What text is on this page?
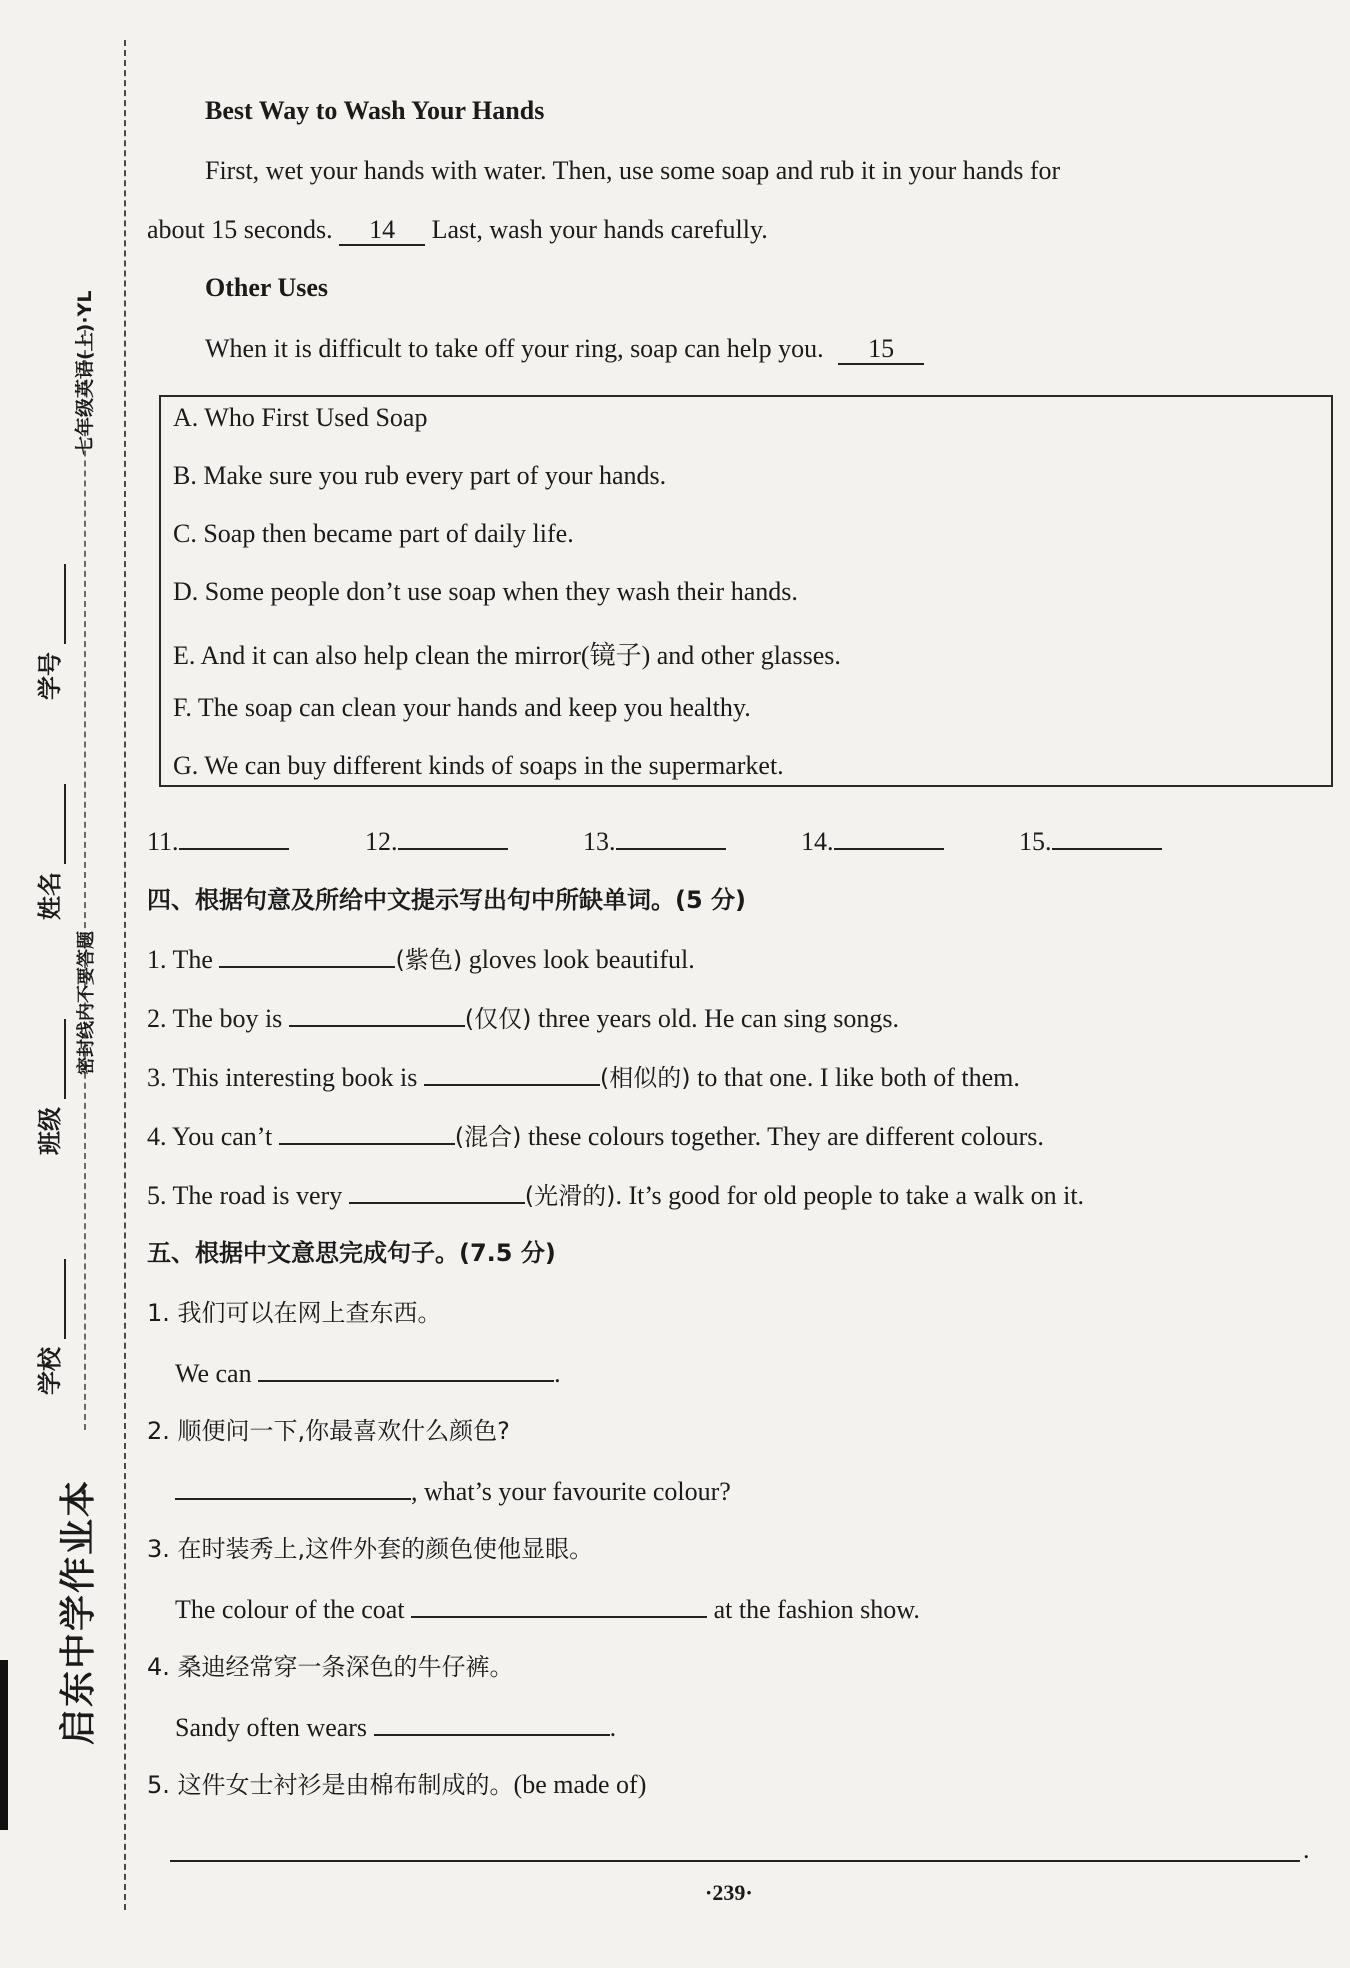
启东中学作业本
七年级英语(上)·YL
密封线内不要答题
学校
班级
姓名
学号
Best Way to Wash Your Hands
First, wet your hands with water. Then, use some soap and rub it in your hands for
about 15 seconds. 14 Last, wash your hands carefully.
Other Uses
When it is difficult to take off your ring, soap can help you. 15
A. Who First Used Soap
B. Make sure you rub every part of your hands.
C. Soap then became part of daily life.
D. Some people don’t use soap when they wash their hands.
E. And it can also help clean the mirror(镜子) and other glasses.
F. The soap can clean your hands and keep you healthy.
G. We can buy different kinds of soaps in the supermarket.
11.	12.	13.	14.	15.
四、根据句意及所给中文提示写出句中所缺单词。(5 分)
1. The	(紫色) gloves look beautiful.
2. The boy is	(仅仅) three years old. He can sing songs.
3. This interesting book is	(相似的) to that one. I like both of them.
4. You can’t	(混合) these colours together. They are different colours.
5. The road is very	(光滑的). It’s good for old people to take a walk on it.
五、根据中文意思完成句子。(7.5 分)
1. 我们可以在网上查东西。
We can	.
2. 顺便问一下,你最喜欢什么颜色?
, what’s your favourite colour?
3. 在时装秀上,这件外套的颜色使他显眼。
The colour of the coat	at the fashion show.
4. 桑迪经常穿一条深色的牛仔裤。
Sandy often wears	.
5. 这件女士衬衫是由棉布制成的。(be made of)
.
·239·
